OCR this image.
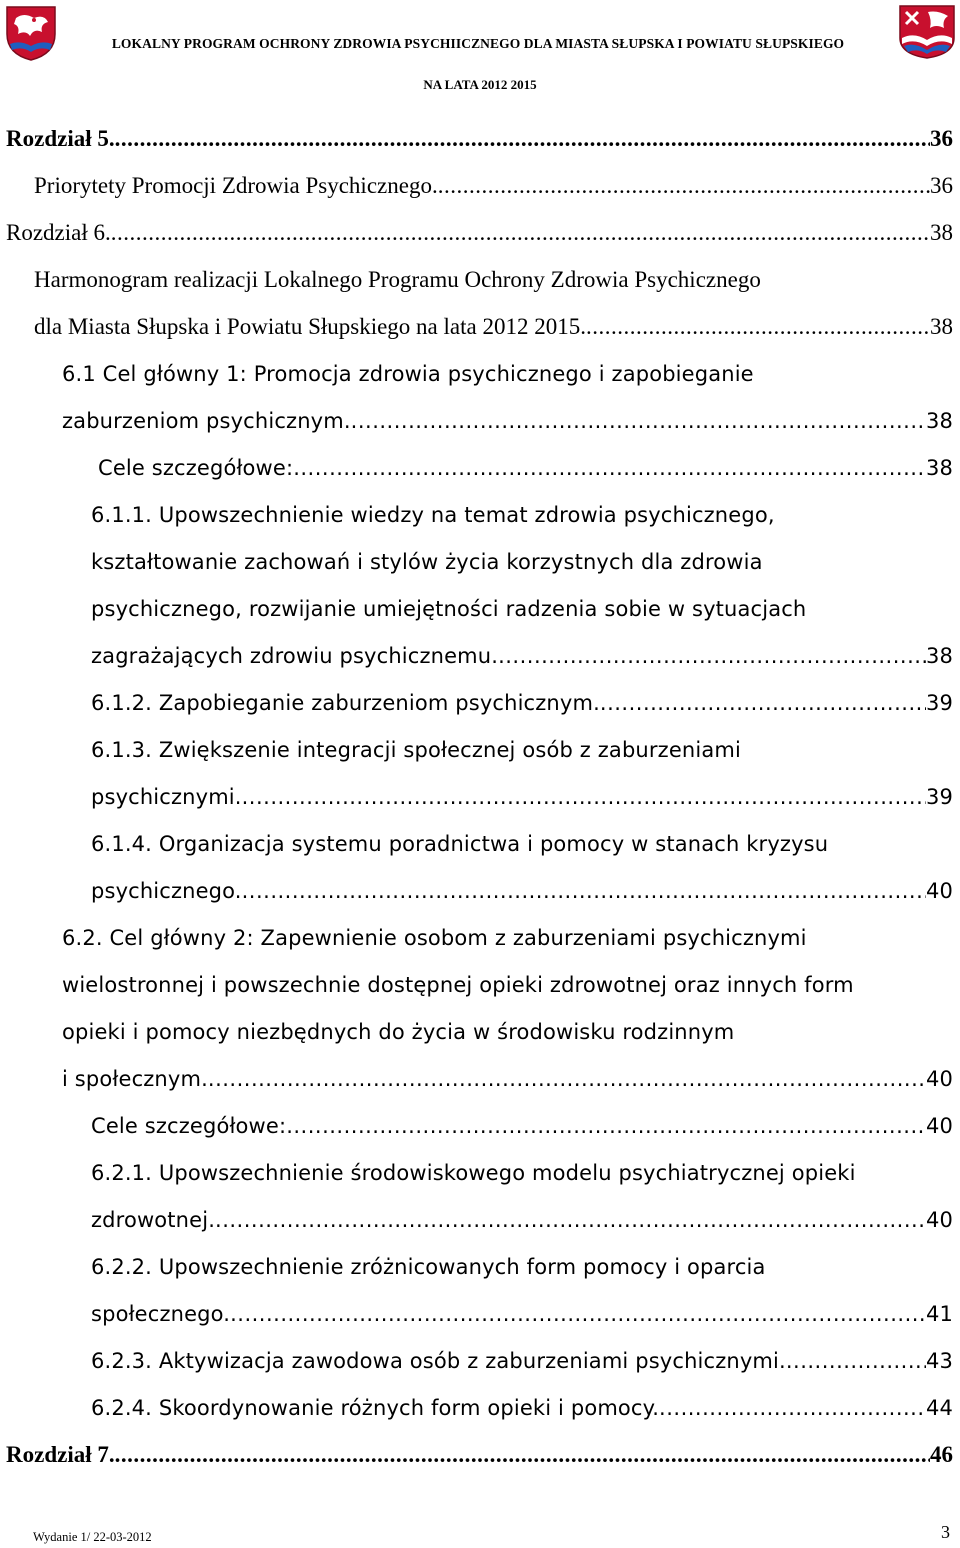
LOKALNY PROGRAM OCHRONY ZDROWIA PSYCHIICZNEGO DLA MIASTA SŁUPSKA I POWIATU SŁUPSKIEGO
NA LATA 2012 2015
Rozdział 5. .....	36
Priorytety Promocji Zdrowia Psychicznego. .....	36
Rozdział 6. .....	38
Harmonogram realizacji Lokalnego Programu Ochrony Zdrowia Psychicznego
dla Miasta Słupska i Powiatu Słupskiego na lata 2012 2015. .....	38
6.1 Cel główny 1: Promocja zdrowia psychicznego i zapobieganie
zaburzeniom psychicznym. .....	38
Cele szczegółowe: .....	38
6.1.1. Upowszechnienie wiedzy na temat zdrowia psychicznego,
kształtowanie zachowań i stylów życia korzystnych dla zdrowia
psychicznego, rozwijanie umiejętności radzenia sobie w sytuacjach
zagrażających zdrowiu psychicznemu. .....	38
6.1.2. Zapobieganie zaburzeniom psychicznym. .....	39
6.1.3. Zwiększenie integracji społecznej osób z zaburzeniami
psychicznymi. .....	39
6.1.4. Organizacja systemu poradnictwa i pomocy w stanach kryzysu
psychicznego. .....	40
6.2. Cel główny 2: Zapewnienie osobom z zaburzeniami psychicznymi
wielostronnej i powszechnie dostępnej opieki zdrowotnej oraz innych form
opieki i pomocy niezbędnych do życia w środowisku rodzinnym
i społecznym. .....	40
Cele szczegółowe: .....	40
6.2.1. Upowszechnienie środowiskowego modelu psychiatrycznej opieki
zdrowotnej. .....	40
6.2.2. Upowszechnienie zróżnicowanych form pomocy i oparcia
społecznego. .....	41
6.2.3. Aktywizacja zawodowa osób z zaburzeniami psychicznymi. .....	43
6.2.4. Skoordynowanie różnych form opieki i pomocy. .....	44
Rozdział 7. .....	46
Wydanie 1/ 22-03-2012	3
